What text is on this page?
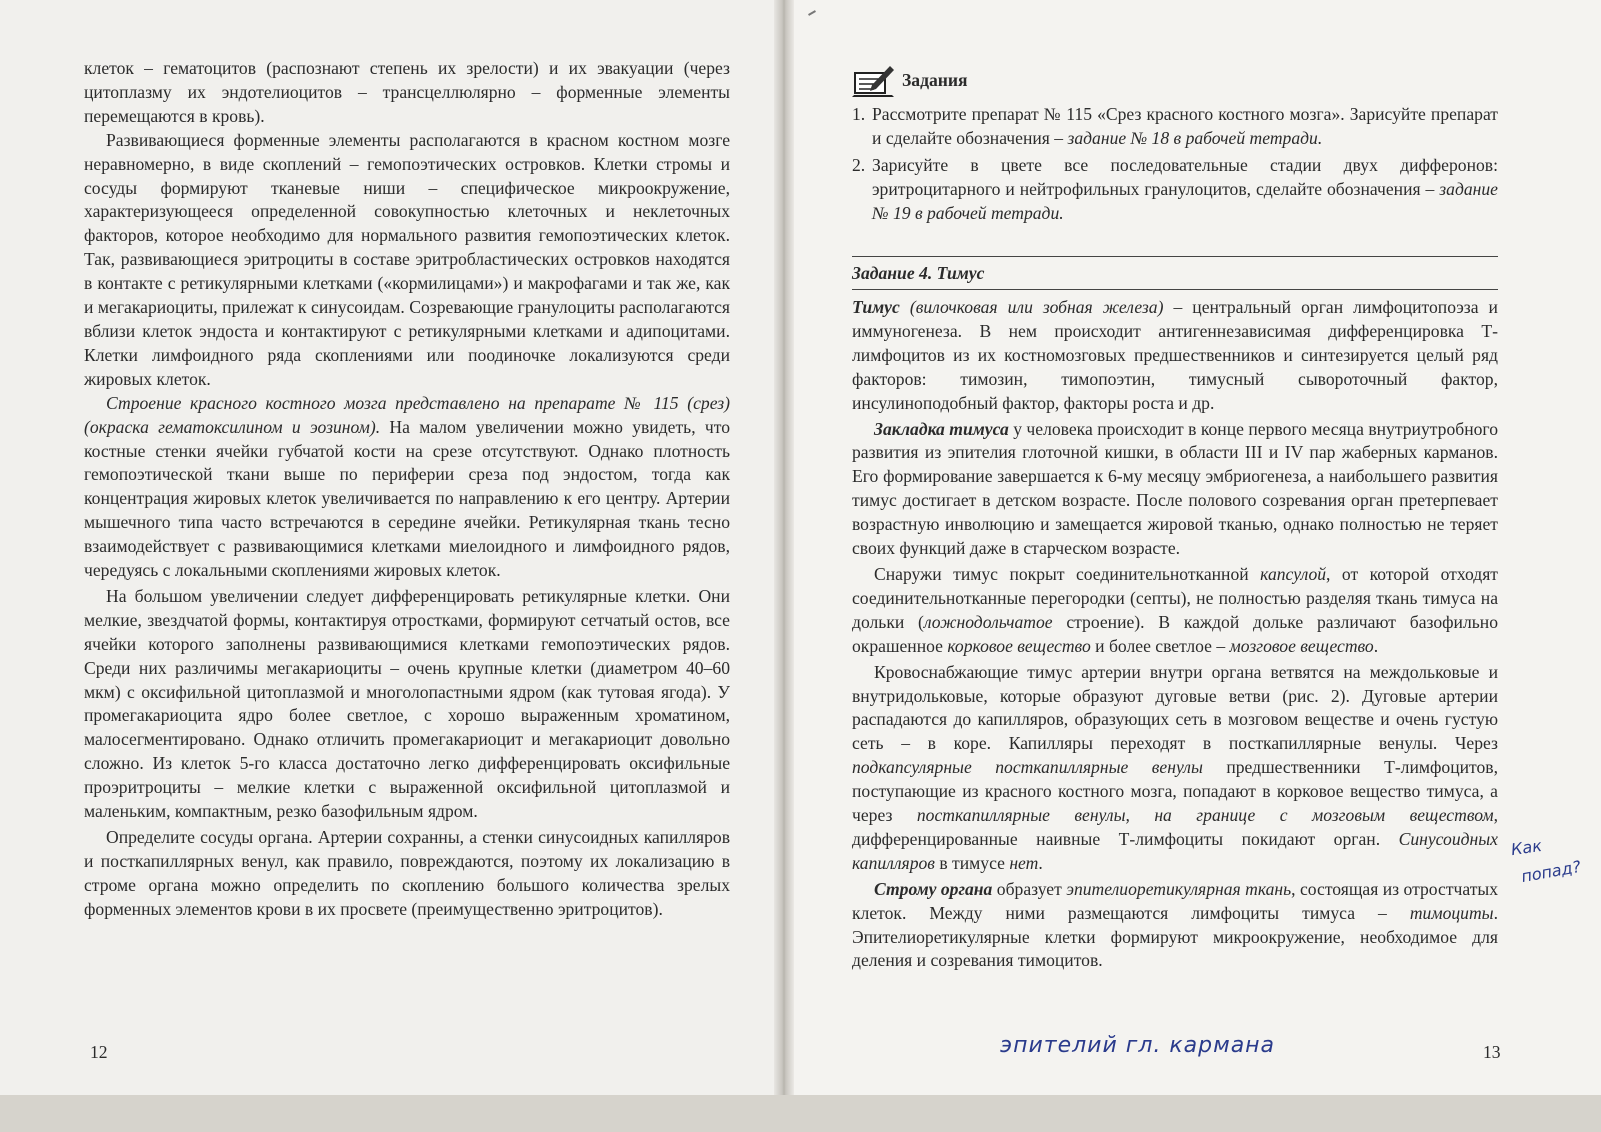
клеток – гематоцитов (распознают степень их зрелости) и их эвакуации (через цитоплазму их эндотелиоцитов – трансцеллюлярно – форменные элементы перемещаются в кровь).

Развивающиеся форменные элементы располагаются в красном костном мозге неравномерно, в виде скоплений – гемопоэтических островков. Клетки стромы и сосуды формируют тканевые ниши – специфическое микроокружение, характеризующееся определенной совокупностью клеточных и неклеточных факторов, которое необходимо для нормального развития гемопоэтических клеток. Так, развивающиеся эритроциты в составе эритробластических островков находятся в контакте с ретикулярными клетками («кормилицами») и макрофагами и так же, как и мегакариоциты, прилежат к синусоидам. Созревающие гранулоциты располагаются вблизи клеток эндоста и контактируют с ретикулярными клетками и адипоцитами. Клетки лимфоидного ряда скоплениями или поодиночке локализуются среди жировых клеток.

Строение красного костного мозга представлено на препарате № 115 (срез) (окраска гематоксилином и эозином). На малом увеличении можно увидеть, что костные стенки ячейки губчатой кости на срезе отсутствуют. Однако плотность гемопоэтической ткани выше по периферии среза под эндостом, тогда как концентрация жировых клеток увеличивается по направлению к его центру. Артерии мышечного типа часто встречаются в середине ячейки. Ретикулярная ткань тесно взаимодействует с развивающимися клетками миелоидного и лимфоидного рядов, чередуясь с локальными скоплениями жировых клеток.

На большом увеличении следует дифференцировать ретикулярные клетки. Они мелкие, звездчатой формы, контактируя отростками, формируют сетчатый остов, все ячейки которого заполнены развивающимися клетками гемопоэтических рядов. Среди них различимы мегакариоциты – очень крупные клетки (диаметром 40–60 мкм) с оксифильной цитоплазмой и многолопастными ядром (как тутовая ягода). У промегакариоцита ядро более светлое, с хорошо выраженным хроматином, малосегментировано. Однако отличить промегакариоцит и мегакариоцит довольно сложно. Из клеток 5-го класса достаточно легко дифференцировать оксифильные проэритроциты – мелкие клетки с выраженной оксифильной цитоплазмой и маленьким, компактным, резко базофильным ядром.

Определите сосуды органа. Артерии сохранны, а стенки синусоидных капилляров и посткапиллярных венул, как правило, повреждаются, поэтому их локализацию в строме органа можно определить по скоплению большого количества зрелых форменных элементов крови в их просвете (преимущественно эритроцитов).

12
Задания
1. Рассмотрите препарат № 115 «Срез красного костного мозга». Зарисуйте препарат и сделайте обозначения – задание № 18 в рабочей тетради.
2. Зарисуйте в цвете все последовательные стадии двух дифферонов: эритроцитарного и нейтрофильных гранулоцитов, сделайте обозначения – задание № 19 в рабочей тетради.
Задание 4. Тимус

Тимус (вилочковая или зобная железа) – центральный орган лимфоцитопоэза и иммуногенеза. В нем происходит антигеннезависимая дифференцировка Т-лимфоцитов из их костномозговых предшественников и синтезируется целый ряд факторов: тимозин, тимопоэтин, тимусный сывороточный фактор, инсулиноподобный фактор, факторы роста и др.

Закладка тимуса у человека происходит в конце первого месяца внутриутробного развития из эпителия глоточной кишки, в области III и IV пар жаберных карманов. Его формирование завершается к 6-му месяцу эмбриогенеза, а наибольшего развития тимус достигает в детском возрасте. После полового созревания орган претерпевает возрастную инволюцию и замещается жировой тканью, однако полностью не теряет своих функций даже в старческом возрасте.

Снаружи тимус покрыт соединительнотканной капсулой, от которой отходят соединительнотканные перегородки (септы), не полностью разделяя ткань тимуса на дольки (ложнодольчатое строение). В каждой дольке различают базофильно окрашенное корковое вещество и более светлое – мозговое вещество.

Кровоснабжающие тимус артерии внутри органа ветвятся на междольковые и внутридольковые, которые образуют дуговые ветви (рис. 2). Дуговые артерии распадаются до капилляров, образующих сеть в мозговом веществе и очень густую сеть – в коре. Капилляры переходят в посткапиллярные венулы. Через подкапсулярные посткапиллярные венулы предшественники Т-лимфоцитов, поступающие из красного костного мозга, попадают в корковое вещество тимуса, а через посткапиллярные венулы, на границе с мозговым веществом, дифференцированные наивные Т-лимфоциты покидают орган. Синусоидных капилляров в тимусе нет.

Строму органа образует эпителиоретикулярная ткань, состоящая из отростчатых клеток. Между ними размещаются лимфоциты тимуса – тимоциты. Эпителиоретикулярные клетки формируют микроокружение, необходимое для деления и созревания тимоцитов.

13
эпителий гл. кармана
Как
попад?
